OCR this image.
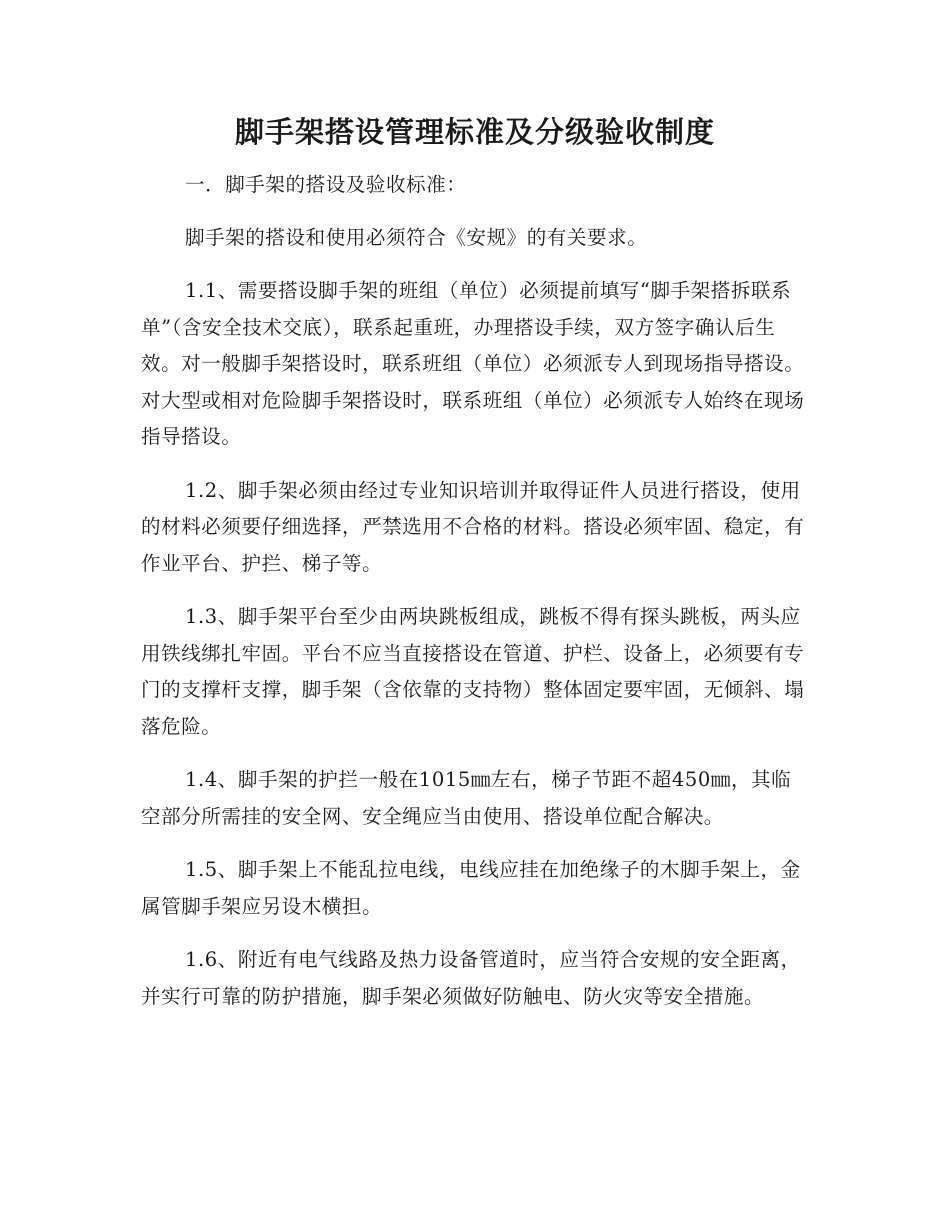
脚手架搭设管理标准及分级验收制度

一．脚手架的搭设及验收标准：

脚手架的搭设和使用必须符合《安规》的有关要求。

1.1、需要搭设脚手架的班组（单位）必须提前填写“脚手架搭拆联系单”（含安全技术交底），联系起重班，办理搭设手续，双方签字确认后生效。对一般脚手架搭设时，联系班组（单位）必须派专人到现场指导搭设。对大型或相对危险脚手架搭设时，联系班组（单位）必须派专人始终在现场指导搭设。

1.2、脚手架必须由经过专业知识培训并取得证件人员进行搭设，使用的材料必须要仔细选择，严禁选用不合格的材料。搭设必须牢固、稳定，有作业平台、护拦、梯子等。

1.3、脚手架平台至少由两块跳板组成，跳板不得有探头跳板，两头应用铁线绑扎牢固。平台不应当直接搭设在管道、护栏、设备上，必须要有专门的支撑杆支撑，脚手架（含依靠的支持物）整体固定要牢固，无倾斜、塌落危险。

1.4、脚手架的护拦一般在1015㎜左右，梯子节距不超450㎜，其临空部分所需挂的安全网、安全绳应当由使用、搭设单位配合解决。

1.5、脚手架上不能乱拉电线，电线应挂在加绝缘子的木脚手架上，金属管脚手架应另设木横担。

1.6、附近有电气线路及热力设备管道时，应当符合安规的安全距离，并实行可靠的防护措施，脚手架必须做好防触电、防火灾等安全措施。
